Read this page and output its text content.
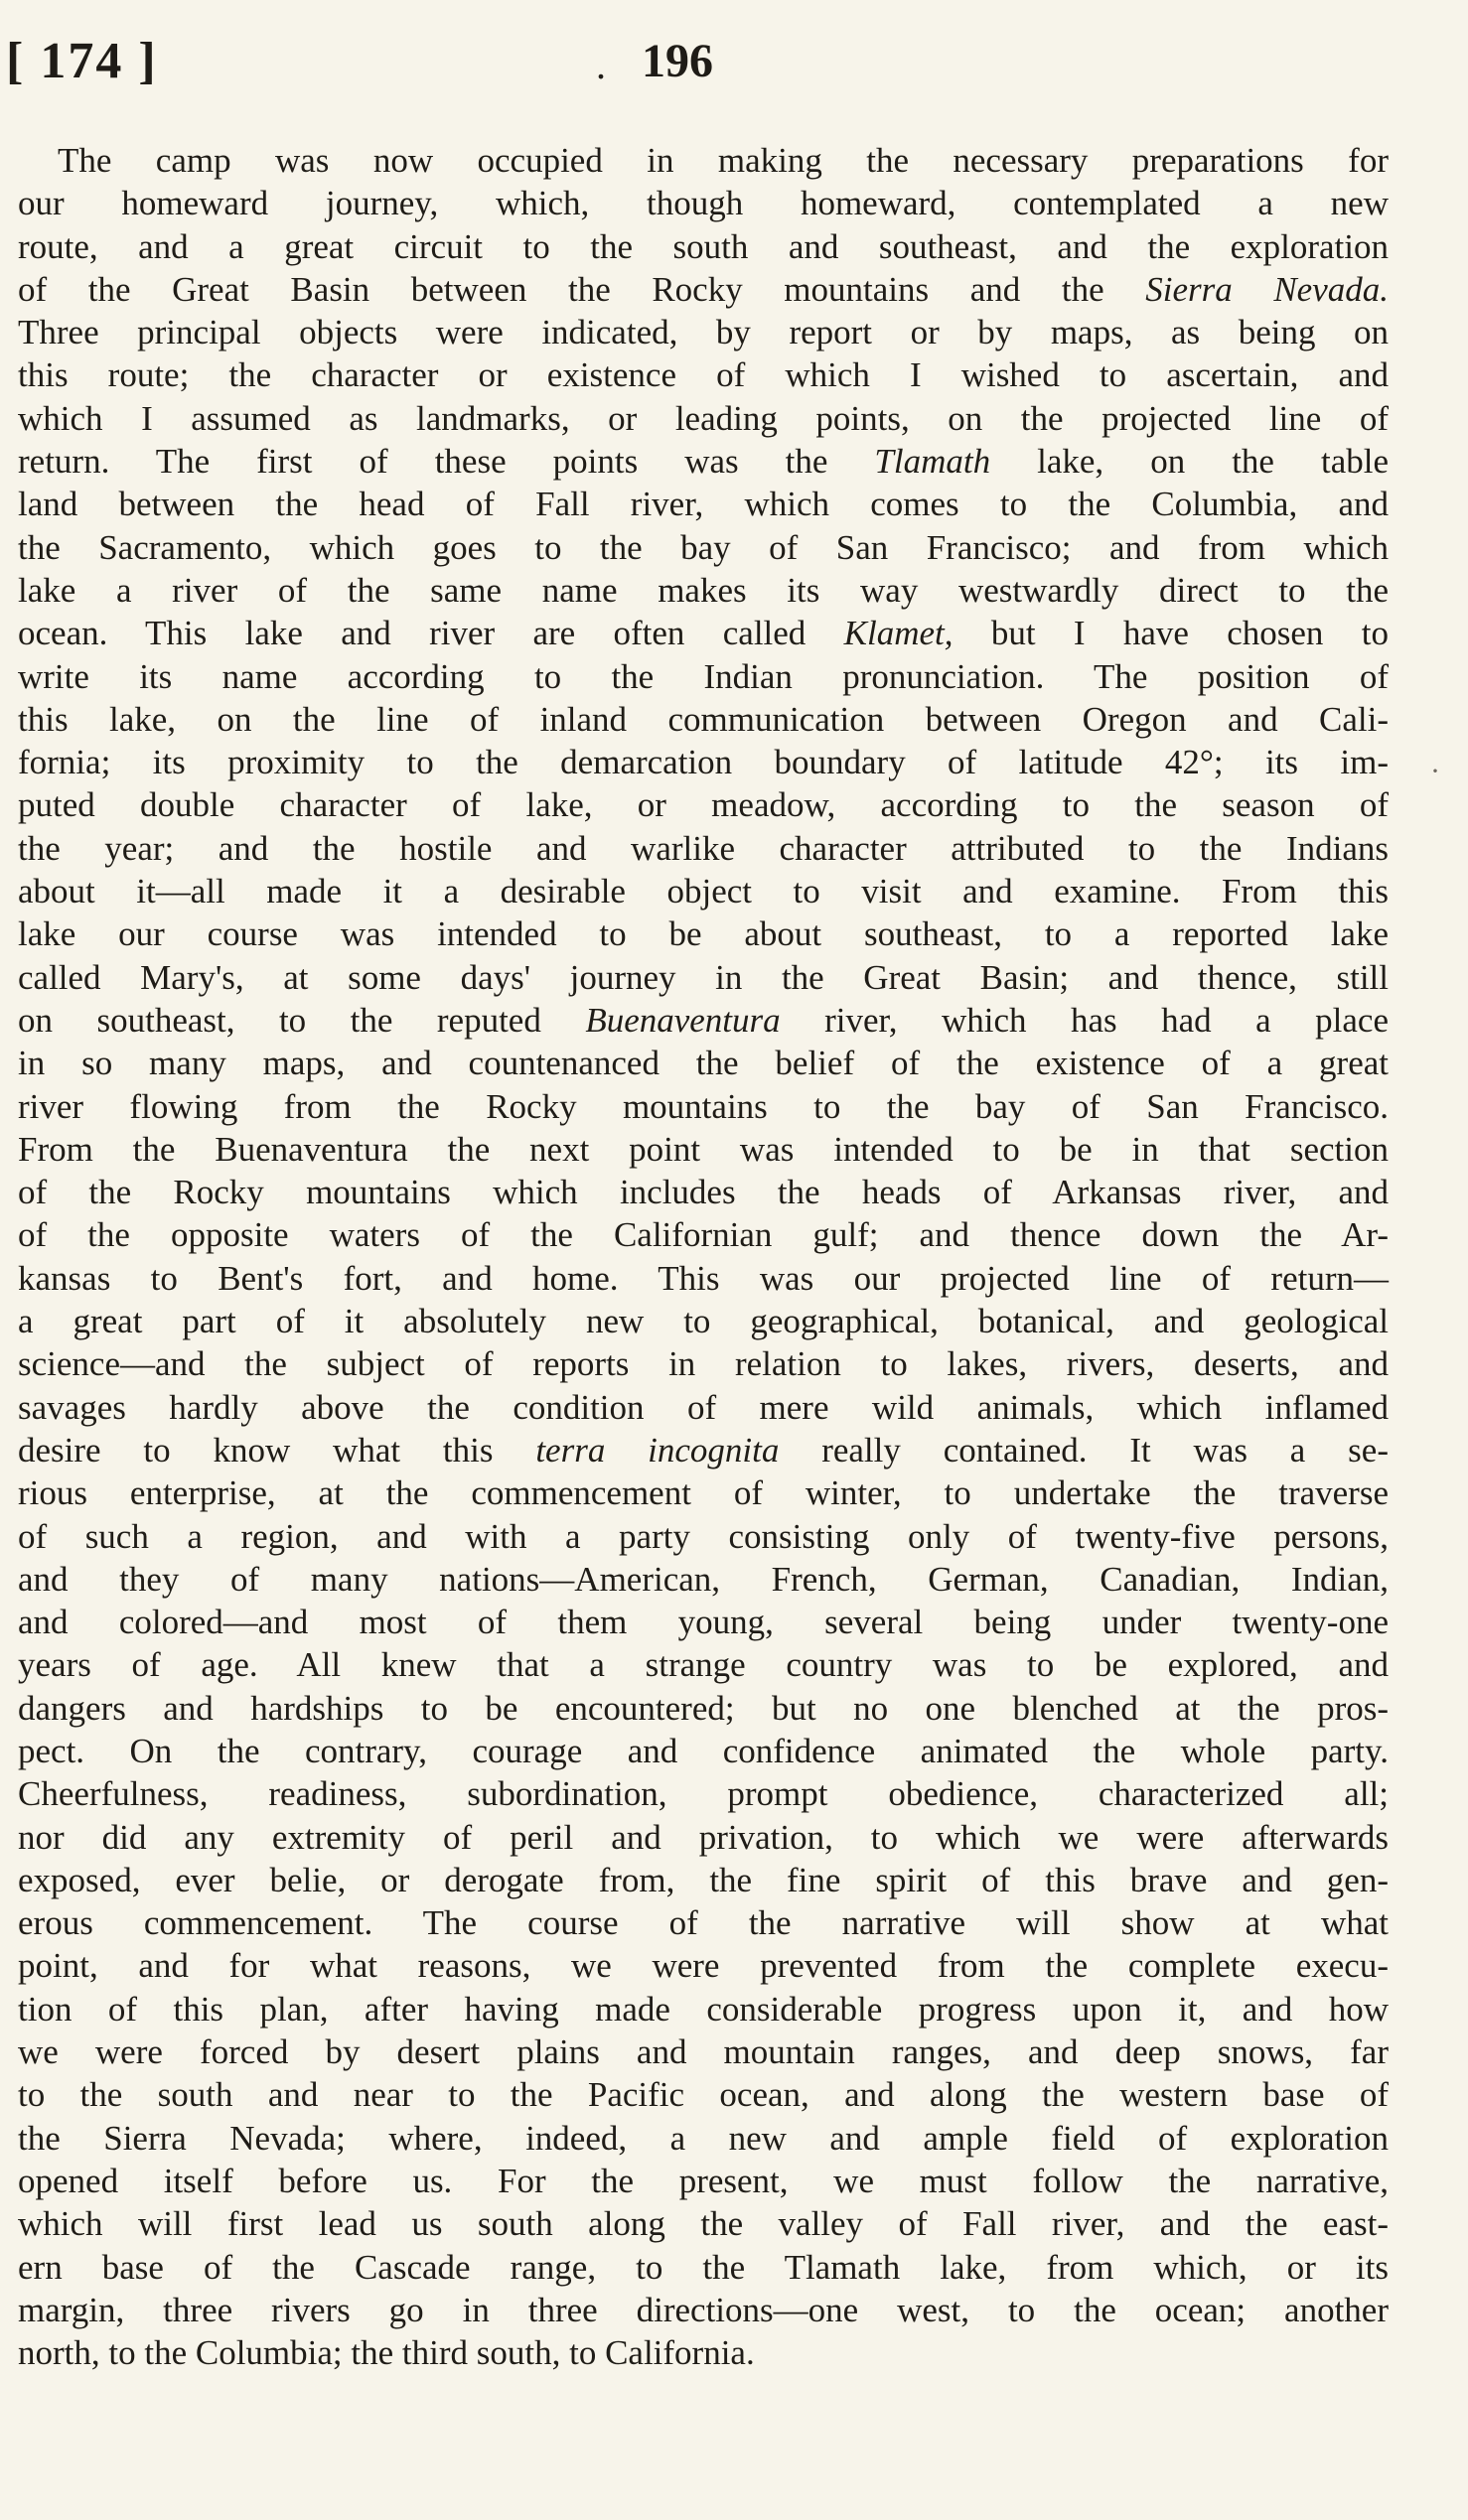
[ 174 ]	. 196
The camp was now occupied in making the necessary preparations for
our homeward journey, which, though homeward, contemplated a new
route, and a great circuit to the south and southeast, and the exploration
of the Great Basin between the Rocky mountains and the Sierra Nevada.
Three principal objects were indicated, by report or by maps, as being on
this route; the character or existence of which I wished to ascertain, and
which I assumed as landmarks, or leading points, on the projected line of
return. The first of these points was the Tlamath lake, on the table
land between the head of Fall river, which comes to the Columbia, and
the Sacramento, which goes to the bay of San Francisco; and from which
lake a river of the same name makes its way westwardly direct to the
ocean. This lake and river are often called Klamet, but I have chosen to
write its name according to the Indian pronunciation. The position of
this lake, on the line of inland communication between Oregon and Cali-
fornia; its proximity to the demarcation boundary of latitude 42°; its im-
puted double character of lake, or meadow, according to the season of
the year; and the hostile and warlike character attributed to the Indians
about it—all made it a desirable object to visit and examine. From this
lake our course was intended to be about southeast, to a reported lake
called Mary's, at some days' journey in the Great Basin; and thence, still
on southeast, to the reputed Buenaventura river, which has had a place
in so many maps, and countenanced the belief of the existence of a great
river flowing from the Rocky mountains to the bay of San Francisco.
From the Buenaventura the next point was intended to be in that section
of the Rocky mountains which includes the heads of Arkansas river, and
of the opposite waters of the Californian gulf; and thence down the Ar-
kansas to Bent's fort, and home. This was our projected line of return—
a great part of it absolutely new to geographical, botanical, and geological
science—and the subject of reports in relation to lakes, rivers, deserts, and
savages hardly above the condition of mere wild animals, which inflamed
desire to know what this terra incognita really contained. It was a se-
rious enterprise, at the commencement of winter, to undertake the traverse
of such a region, and with a party consisting only of twenty-five persons,
and they of many nations—American, French, German, Canadian, Indian,
and colored—and most of them young, several being under twenty-one
years of age. All knew that a strange country was to be explored, and
dangers and hardships to be encountered; but no one blenched at the pros-
pect. On the contrary, courage and confidence animated the whole party.
Cheerfulness, readiness, subordination, prompt obedience, characterized all;
nor did any extremity of peril and privation, to which we were afterwards
exposed, ever belie, or derogate from, the fine spirit of this brave and gen-
erous commencement. The course of the narrative will show at what
point, and for what reasons, we were prevented from the complete execu-
tion of this plan, after having made considerable progress upon it, and how
we were forced by desert plains and mountain ranges, and deep snows, far
to the south and near to the Pacific ocean, and along the western base of
the Sierra Nevada; where, indeed, a new and ample field of exploration
opened itself before us. For the present, we must follow the narrative,
which will first lead us south along the valley of Fall river, and the east-
ern base of the Cascade range, to the Tlamath lake, from which, or its
margin, three rivers go in three directions—one west, to the ocean; another
north, to the Columbia; the third south, to California.
·
